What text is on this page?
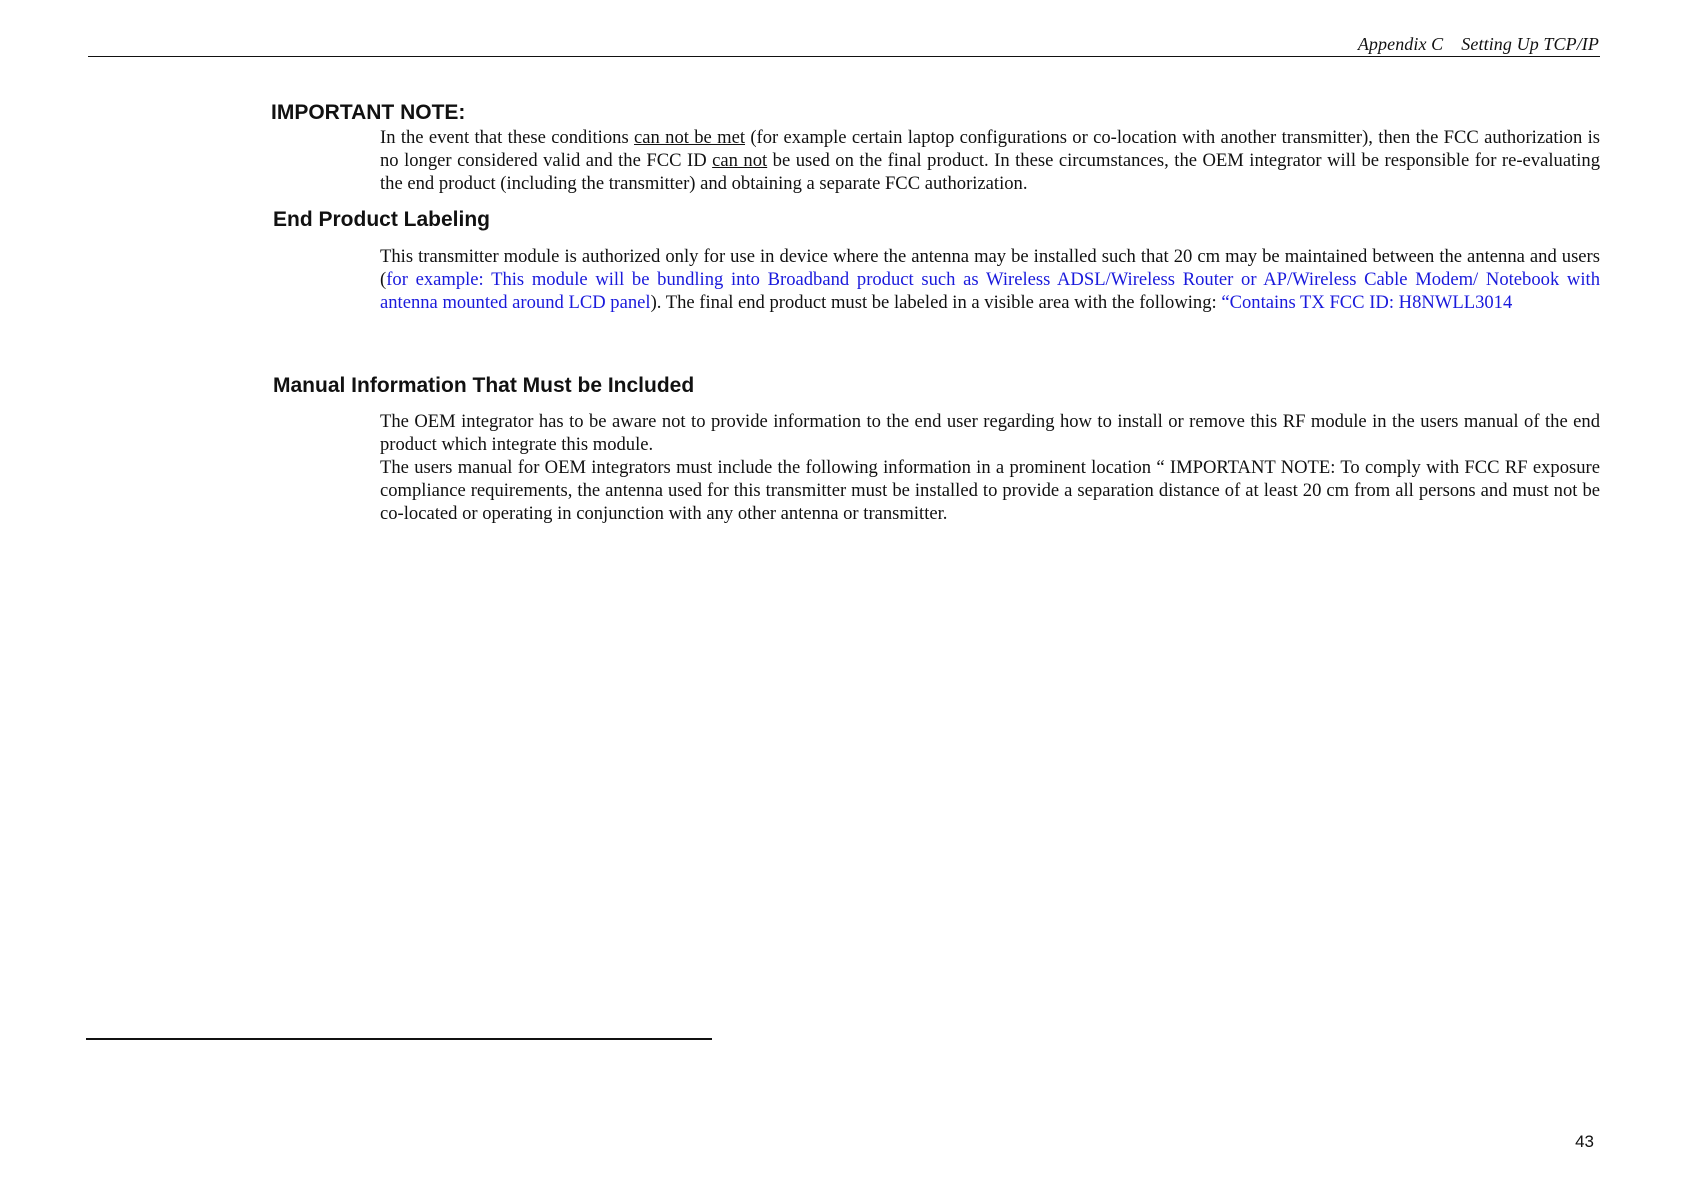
Appendix C Setting Up TCP/IP
IMPORTANT NOTE:

In the event that these conditions can not be met (for example certain laptop configurations or co-location with another transmitter), then the FCC authorization is no longer considered valid and the FCC ID can not be used on the final product. In these circumstances, the OEM integrator will be responsible for re-evaluating the end product (including the transmitter) and obtaining a separate FCC authorization.

End Product Labeling

This transmitter module is authorized only for use in device where the antenna may be installed such that 20 cm may be maintained between the antenna and users (for example: This module will be bundling into Broadband product such as Wireless ADSL/Wireless Router or AP/Wireless Cable Modem/ Notebook with antenna mounted around LCD panel). The final end product must be labeled in a visible area with the following: “Contains TX FCC ID: H8NWLL3014

Manual Information That Must be Included

The OEM integrator has to be aware not to provide information to the end user regarding how to install or remove this RF module in the users manual of the end product which integrate this module.

The users manual for OEM integrators must include the following information in a prominent location “ IMPORTANT NOTE: To comply with FCC RF exposure compliance requirements, the antenna used for this transmitter must be installed to provide a separation distance of at least 20 cm from all persons and must not be co-located or operating in conjunction with any other antenna or transmitter.

43
